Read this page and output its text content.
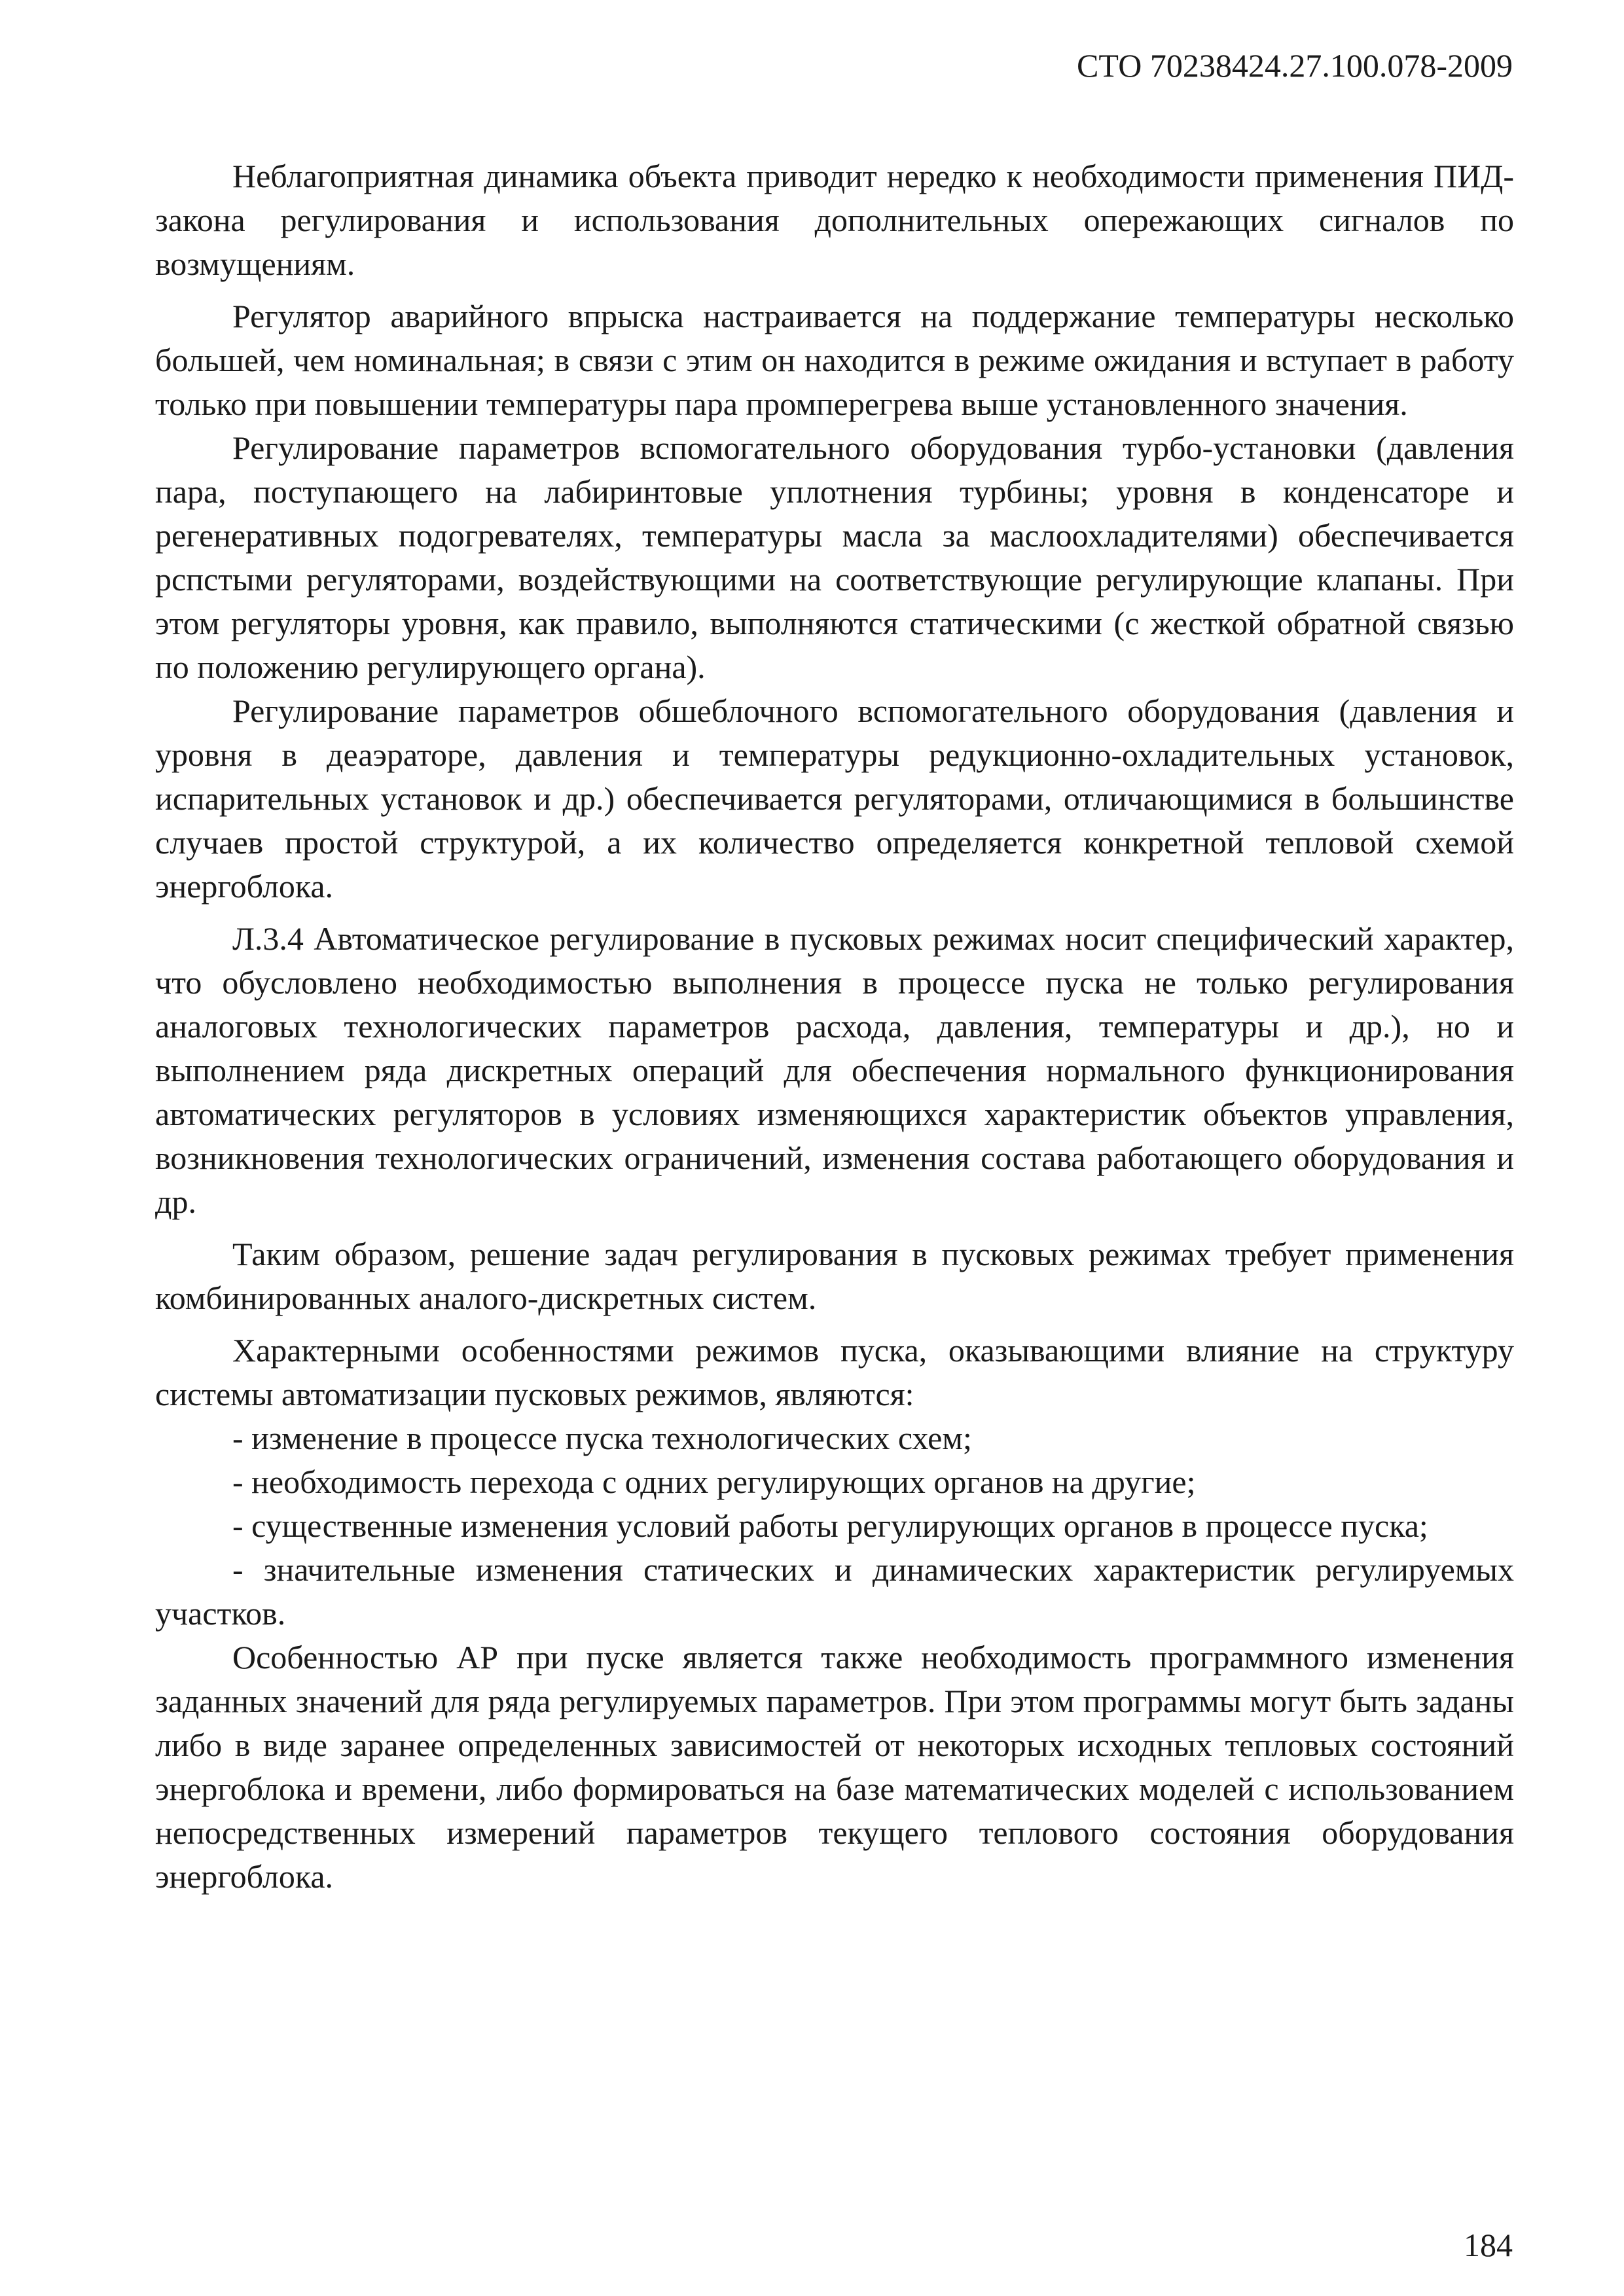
СТО 70238424.27.100.078-2009

Неблагоприятная динамика объекта приводит нередко к необходимости применения ПИД-закона регулирования и использования дополнительных опережающих сигналов по возмущениям.

Регулятор аварийного впрыска настраивается на поддержание температуры несколько большей, чем номинальная; в связи с этим он находится в режиме ожидания и вступает в работу только при повышении температуры пара промперегрева выше установленного значения.

Регулирование параметров вспомогательного оборудования турбо-установки (давления пара, поступающего на лабиринтовые уплотнения турбины; уровня в конденсаторе и регенеративных подогревателях, температуры масла за маслоохладителями) обеспечивается рспстыми регуляторами, воздействующими на соответствующие регулирующие клапаны. При этом регуляторы уровня, как правило, выполняются статическими (с жесткой обратной связью по положению регулирующего органа).

Регулирование параметров обшеблочного вспомогательного оборудования (давления и уровня в деаэраторе, давления и температуры редукционно-охладительных установок, испарительных установок и др.) обеспечивается регуляторами, отличающимися в большинстве случаев простой структурой, а их количество определяется конкретной тепловой схемой энергоблока.

Л.3.4 Автоматическое регулирование в пусковых режимах носит специфический характер, что обусловлено необходимостью выполнения в процессе пуска не только регулирования аналоговых технологических параметров расхода, давления, температуры и др.), но и выполнением ряда дискретных операций для обеспечения нормального функционирования автоматических регуляторов в условиях изменяющихся характеристик объектов управления, возникновения технологических ограничений, изменения состава работающего оборудования и др.

Таким образом, решение задач регулирования в пусковых режимах требует применения комбинированных аналого-дискретных систем.

Характерными особенностями режимов пуска, оказывающими влияние на структуру системы автоматизации пусковых режимов, являются:

- изменение в процессе пуска технологических схем;

- необходимость перехода с одних регулирующих органов на другие;

- существенные изменения условий работы регулирующих органов в процессе пуска;

- значительные изменения статических и динамических характеристик регулируемых участков.

Особенностью АР при пуске является также необходимость программного изменения заданных значений для ряда регулируемых параметров. При этом программы могут быть заданы либо в виде заранее определенных зависимостей от некоторых исходных тепловых состояний энергоблока и времени, либо формироваться на базе математических моделей с использованием непосредственных измерений параметров текущего теплового состояния оборудования энергоблока.

184
